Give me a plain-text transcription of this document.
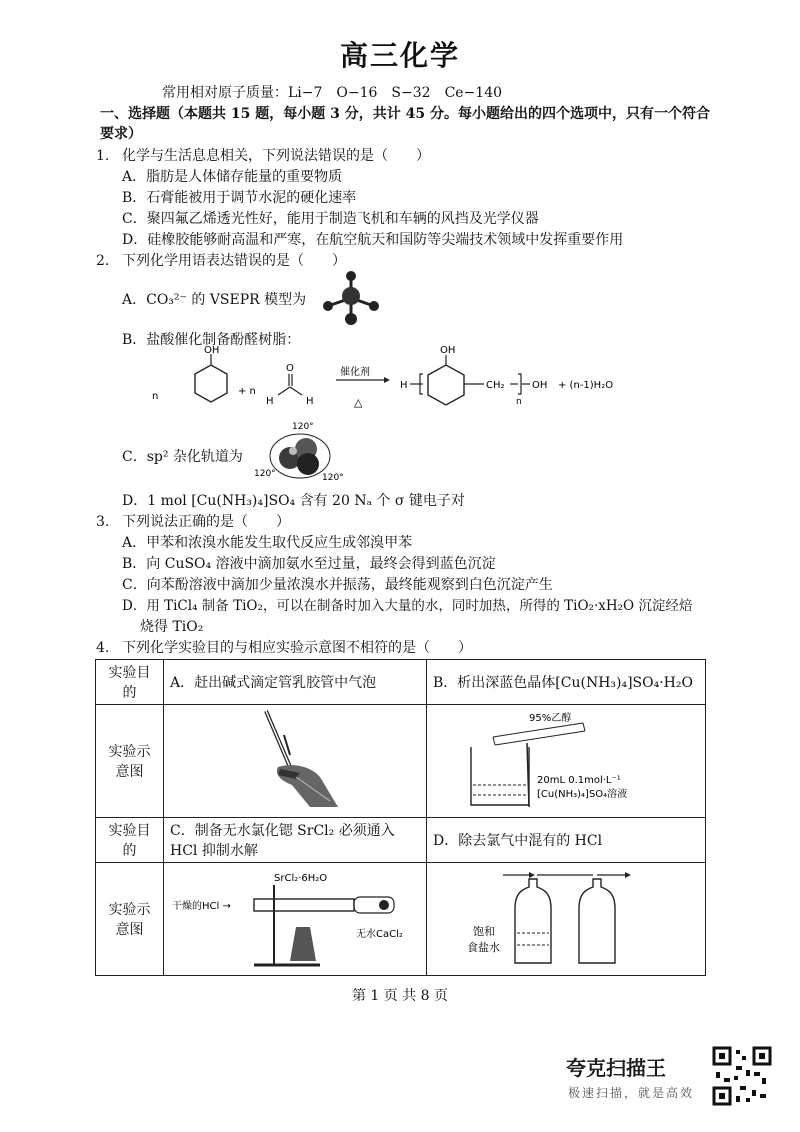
高三化学
常用相对原子质量：Li−7　O−16　S−32　Ce−140
一、选择题（本题共 15 题，每小题 3 分，共计 45 分。每小题给出的四个选项中，只有一个符合要求）
1. 化学与生活息息相关，下列说法错误的是（　　）
A．脂肪是人体储存能量的重要物质
B．石膏能被用于调节水泥的硬化速率
C．聚四氟乙烯透光性好，能用于制造飞机和车辆的风挡及光学仪器
D．硅橡胶能够耐高温和严寒，在航空航天和国防等尖端技术领域中发挥重要作用
2. 下列化学用语表达错误的是（　　）
A．CO₃²⁻ 的 VSEPR 模型为
B．盐酸催化制备酚醛树脂：
n
OH
+ n
O
H	H
催化剂
△
H
OH
CH₂
n
OH + (n-1)H₂O
C．sp² 杂化轨道为
120°
120°	120°
D．1 mol [Cu(NH₃)₄]SO₄ 含有 20 Nₐ 个 σ 键电子对
3. 下列说法正确的是（　　）
A．甲苯和浓溴水能发生取代反应生成邻溴甲苯
B．向 CuSO₄ 溶液中滴加氨水至过量，最终会得到蓝色沉淀
C．向苯酚溶液中滴加少量浓溴水并振荡，最终能观察到白色沉淀产生
D．用 TiCl₄ 制备 TiO₂，可以在制备时加入大量的水，同时加热，所得的 TiO₂·xH₂O 沉淀经焙
烧得 TiO₂
4. 下列化学实验目的与相应实验示意图不相符的是（　　）
实验目的	A．赶出碱式滴定管乳胶管中气泡	B．析出深蓝色晶体[Cu(NH₃)₄]SO₄·H₂O
实验示意图		95%乙醇
20mL 0.1mol·L⁻¹
[Cu(NH₃)₄]SO₄溶液

实验目的	C．制备无水氯化锶 SrCl₂ 必须通入 HCl 抑制水解	D．除去氯气中混有的 HCl
实验示意图	SrCl₂·6H₂O
干燥的HCl →
无水CaCl₂	饱和
食盐水
第 1 页 共 8 页
夸克扫描王
极速扫描，就是高效
